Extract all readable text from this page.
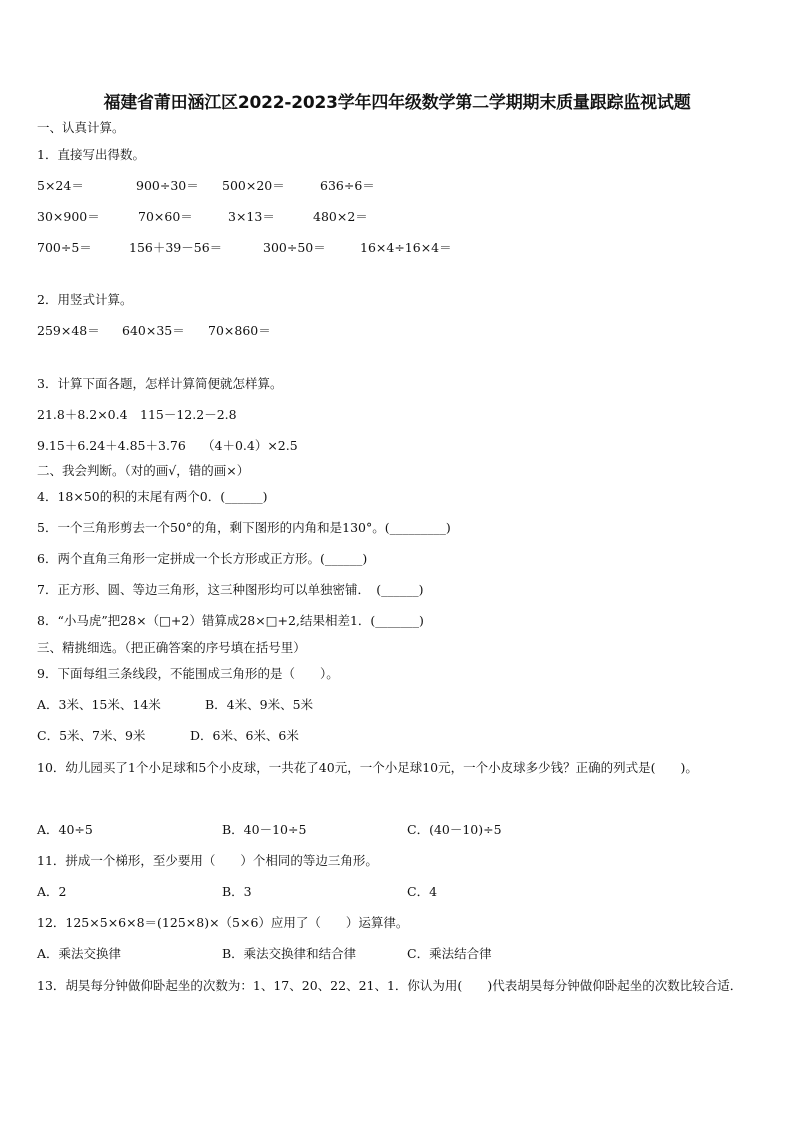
福建省莆田涵江区2022-2023学年四年级数学第二学期期末质量跟踪监视试题
一、认真计算。
1．直接写出得数。
5×24＝	900÷30＝ 500×20＝	636÷6＝
30×900＝	70×60＝	3×13＝	480×2＝
700÷5＝	156＋39－56＝	300÷50＝	16×4÷16×4＝
2．用竖式计算。
259×48＝ 640×35＝ 70×860＝
3．计算下面各题，怎样计算简便就怎样算。
21.8＋8.2×0.4 115－12.2－2.8
9.15＋6.24＋4.85＋3.76 （4＋0.4）×2.5
二、我会判断。（对的画√，错的画×）
4．18×50的积的末尾有两个0．(______)
5．一个三角形剪去一个50°的角，剩下图形的内角和是130°。(_________)
6．两个直角三角形一定拼成一个长方形或正方形。(______)
7．正方形、圆、等边三角形，这三种图形均可以单独密铺．　(______)
8．“小马虎”把28×（□+2）错算成28×□+2,结果相差1．(_______)
三、精挑细选。（把正确答案的序号填在括号里）
9．下面每组三条线段，不能围成三角形的是（　　）。
A．3米、15米、14米	B．4米、9米、5米
C．5米、7米、9米	D．6米、6米、6米
10．幼儿园买了1个小足球和5个小皮球，一共花了40元，一个小足球10元，一个小皮球多少钱？正确的列式是(　　)。
A．40÷5	B．40－10÷5	C．(40－10)÷5
11．拼成一个梯形，至少要用（　　）个相同的等边三角形。
A．2	B．3	C．4
12．125×5×6×8＝(125×8)×（5×6）应用了（　　）运算律。
A．乘法交换律	B．乘法交换律和结合律	C．乘法结合律
13．胡昊每分钟做仰卧起坐的次数为：1、17、20、22、21、1．你认为用(　　)代表胡昊每分钟做仰卧起坐的次数比较合适．
